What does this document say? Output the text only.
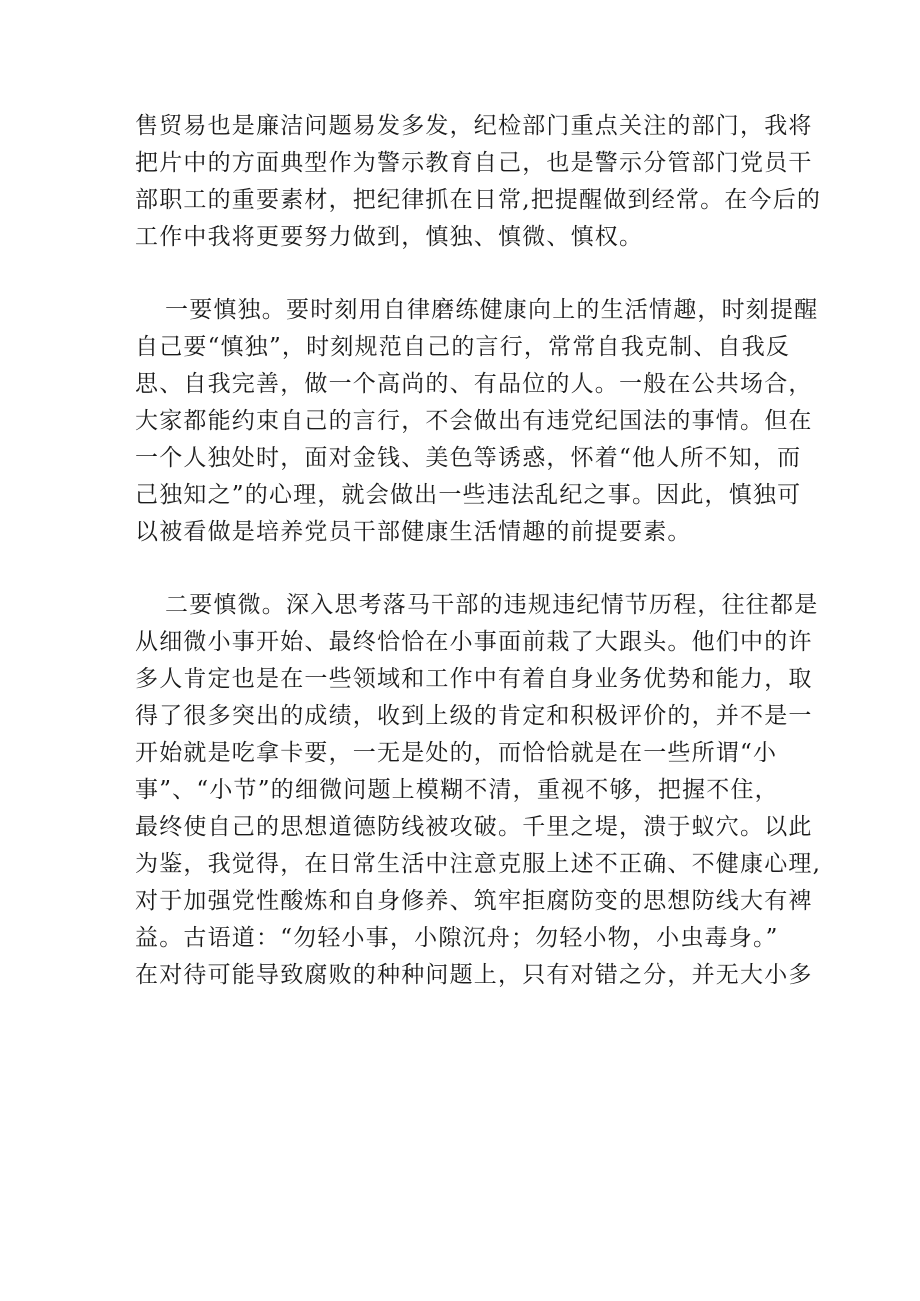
售贸易也是廉洁问题易发多发，纪检部门重点关注的部门，我将
把片中的方面典型作为警示教育自己，也是警示分管部门党员干
部职工的重要素材，把纪律抓在日常,把提醒做到经常。在今后的
工作中我将更要努力做到，慎独、慎微、慎权。
一要慎独。要时刻用自律磨练健康向上的生活情趣，时刻提醒
自己要“慎独”，时刻规范自己的言行，常常自我克制、自我反
思、自我完善，做一个高尚的、有品位的人。一般在公共场合，
大家都能约束自己的言行，不会做出有违党纪国法的事情。但在
一个人独处时，面对金钱、美色等诱惑，怀着“他人所不知，而
己独知之”的心理，就会做出一些违法乱纪之事。因此，慎独可
以被看做是培养党员干部健康生活情趣的前提要素。
二要慎微。深入思考落马干部的违规违纪情节历程，往往都是
从细微小事开始、最终恰恰在小事面前栽了大跟头。他们中的许
多人肯定也是在一些领域和工作中有着自身业务优势和能力，取
得了很多突出的成绩，收到上级的肯定和积极评价的，并不是一
开始就是吃拿卡要，一无是处的，而恰恰就是在一些所谓“小
事”、“小节”的细微问题上模糊不清，重视不够，把握不住，
最终使自己的思想道德防线被攻破。千里之堤，溃于蚁穴。以此
为鉴，我觉得，在日常生活中注意克服上述不正确、不健康心理,
对于加强党性酸炼和自身修养、筑牢拒腐防变的思想防线大有裨
益。古语道：“勿轻小事，小隙沉舟；勿轻小物，小虫毒身。”
在对待可能导致腐败的种种问题上，只有对错之分，并无大小多
